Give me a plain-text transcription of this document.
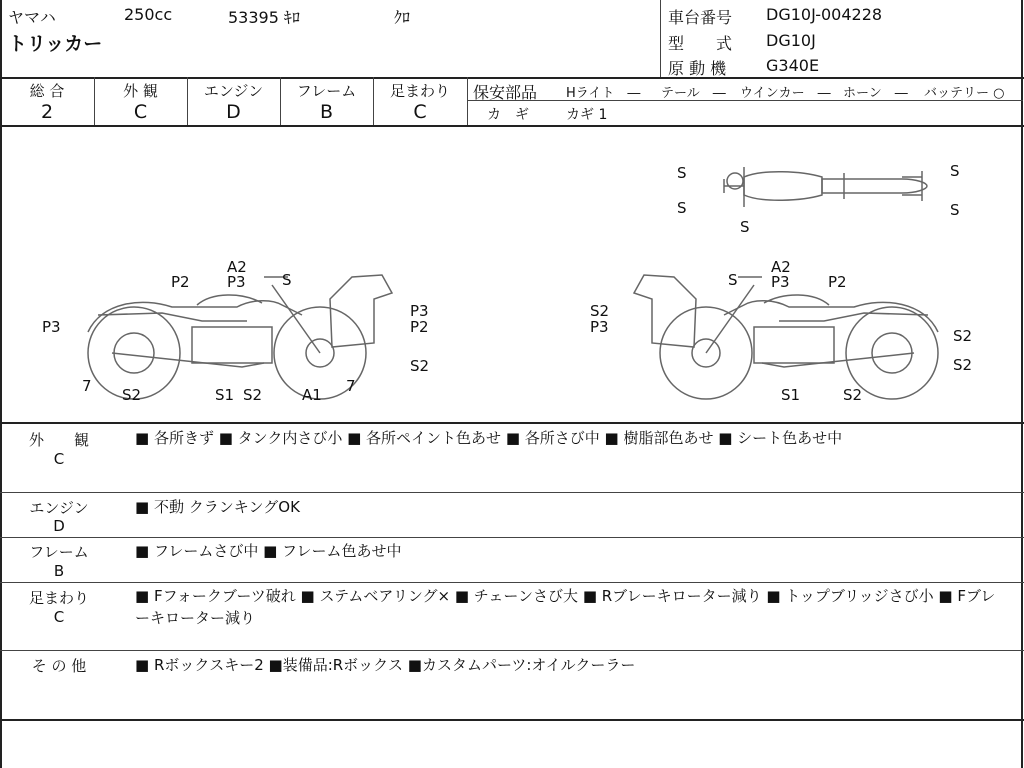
ヤマハ	250cc	53395 ｷﾛ	ｸﾛ
トリッカー
車台番号 DG10J-004228
型　　式 DG10J
原 動 機 G340E
総 合
2
外 観
C
エンジン
D
フレーム
B
足まわり
C
保安部品 Hライト　― テール　― ウインカー　― ホーン　― バッテリー ○
カ　ギ	カギ 1
S
S
S
S
S
A2
P2 P3 S
P3
P3	P2
S2
7 S2	S1 S2	A1 7
S
A2
P3	P2
S2
P3	S2
S2
S1	S2
外　　観
C
■ 各所きず ■ タンク内さび小 ■ 各所ペイント色あせ ■ 各所さび中 ■ 樹脂部色あせ ■ シート色あせ中
エンジン
D
■ 不動 クランキングOK
フレーム
B
■ フレームさび中 ■ フレーム色あせ中
足まわり
C
■ Fフォークブーツ破れ ■ ステムベアリング× ■ チェーンさび大 ■ Rブレーキローター減り ■ トップブリッジさび小 ■ Fブレーキローター減り
そ の 他	■ Rボックスキー2 ■装備品:Rボックス ■カスタムパーツ:オイルクーラー
